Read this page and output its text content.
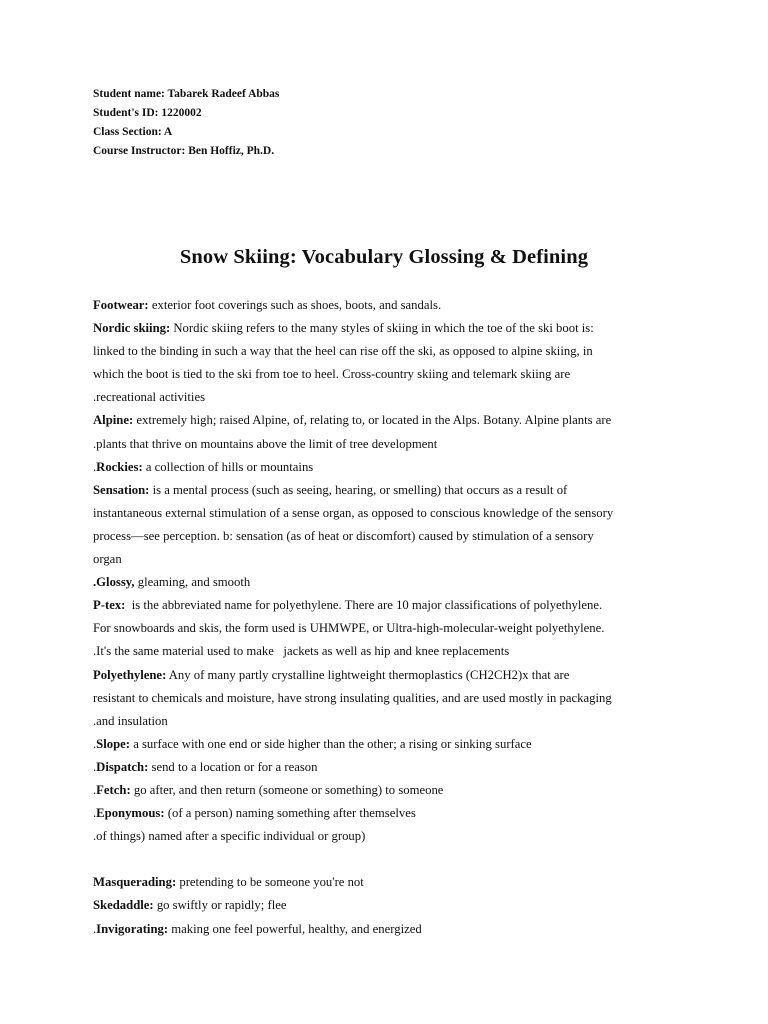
Student name: Tabarek Radeef Abbas
Student's ID: 1220002
Class Section: A
Course Instructor: Ben Hoffiz, Ph.D.
Snow Skiing: Vocabulary Glossing & Defining
Footwear: exterior foot coverings such as shoes, boots, and sandals.
Nordic skiing: Nordic skiing refers to the many styles of skiing in which the toe of the ski boot is:
linked to the binding in such a way that the heel can rise off the ski, as opposed to alpine skiing, in
which the boot is tied to the ski from toe to heel. Cross-country skiing and telemark skiing are
.recreational activities
Alpine: extremely high; raised Alpine, of, relating to, or located in the Alps. Botany. Alpine plants are
.plants that thrive on mountains above the limit of tree development
.Rockies: a collection of hills or mountains
Sensation: is a mental process (such as seeing, hearing, or smelling) that occurs as a result of
instantaneous external stimulation of a sense organ, as opposed to conscious knowledge of the sensory
process—see perception. b: sensation (as of heat or discomfort) caused by stimulation of a sensory
organ
.Glossy, gleaming, and smooth
P-tex:  is the abbreviated name for polyethylene. There are 10 major classifications of polyethylene.
For snowboards and skis, the form used is UHMWPE, or Ultra-high-molecular-weight polyethylene.
.It's the same material used to make   jackets as well as hip and knee replacements
Polyethylene: Any of many partly crystalline lightweight thermoplastics (CH2CH2)x that are
resistant to chemicals and moisture, have strong insulating qualities, and are used mostly in packaging
.and insulation
.Slope: a surface with one end or side higher than the other; a rising or sinking surface
.Dispatch: send to a location or for a reason
.Fetch: go after, and then return (someone or something) to someone
.Eponymous: (of a person) naming something after themselves
.of things) named after a specific individual or group)
Masquerading: pretending to be someone you're not
Skedaddle: go swiftly or rapidly; flee
.Invigorating: making one feel powerful, healthy, and energized
